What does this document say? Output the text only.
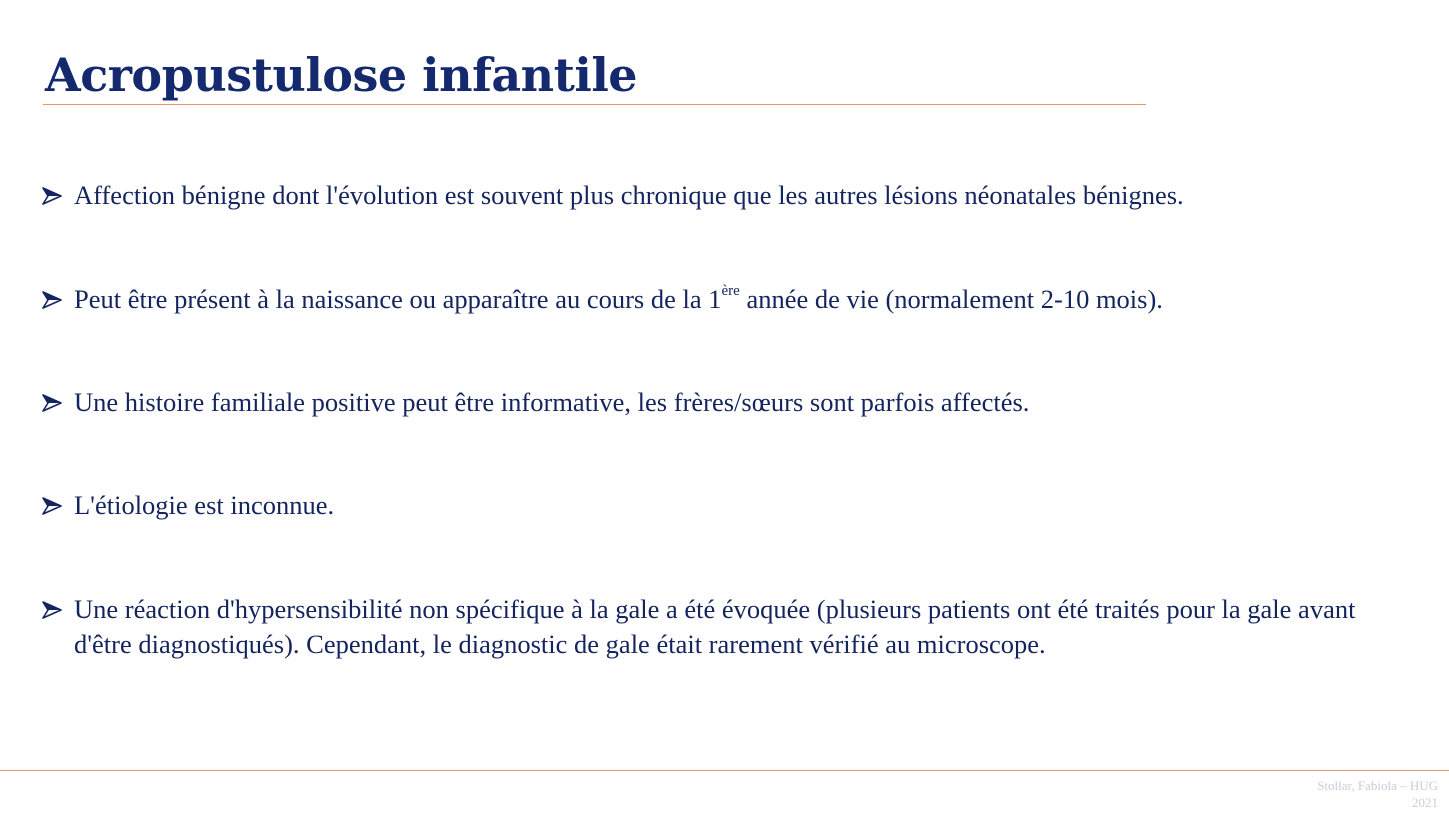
Acropustulose infantile
Affection bénigne dont l'évolution est souvent plus chronique que les autres lésions néonatales bénignes.
Peut être présent à la naissance ou apparaître au cours de la 1ère année de vie (normalement 2-10 mois).
Une histoire familiale positive peut être informative, les frères/sœurs sont parfois affectés.
L'étiologie est inconnue.
Une réaction d'hypersensibilité non spécifique à la gale a été évoquée (plusieurs patients ont été traités pour la gale avant d'être diagnostiqués). Cependant, le diagnostic de gale était rarement vérifié au microscope.
Stollar, Fabiola – HUG
2021
